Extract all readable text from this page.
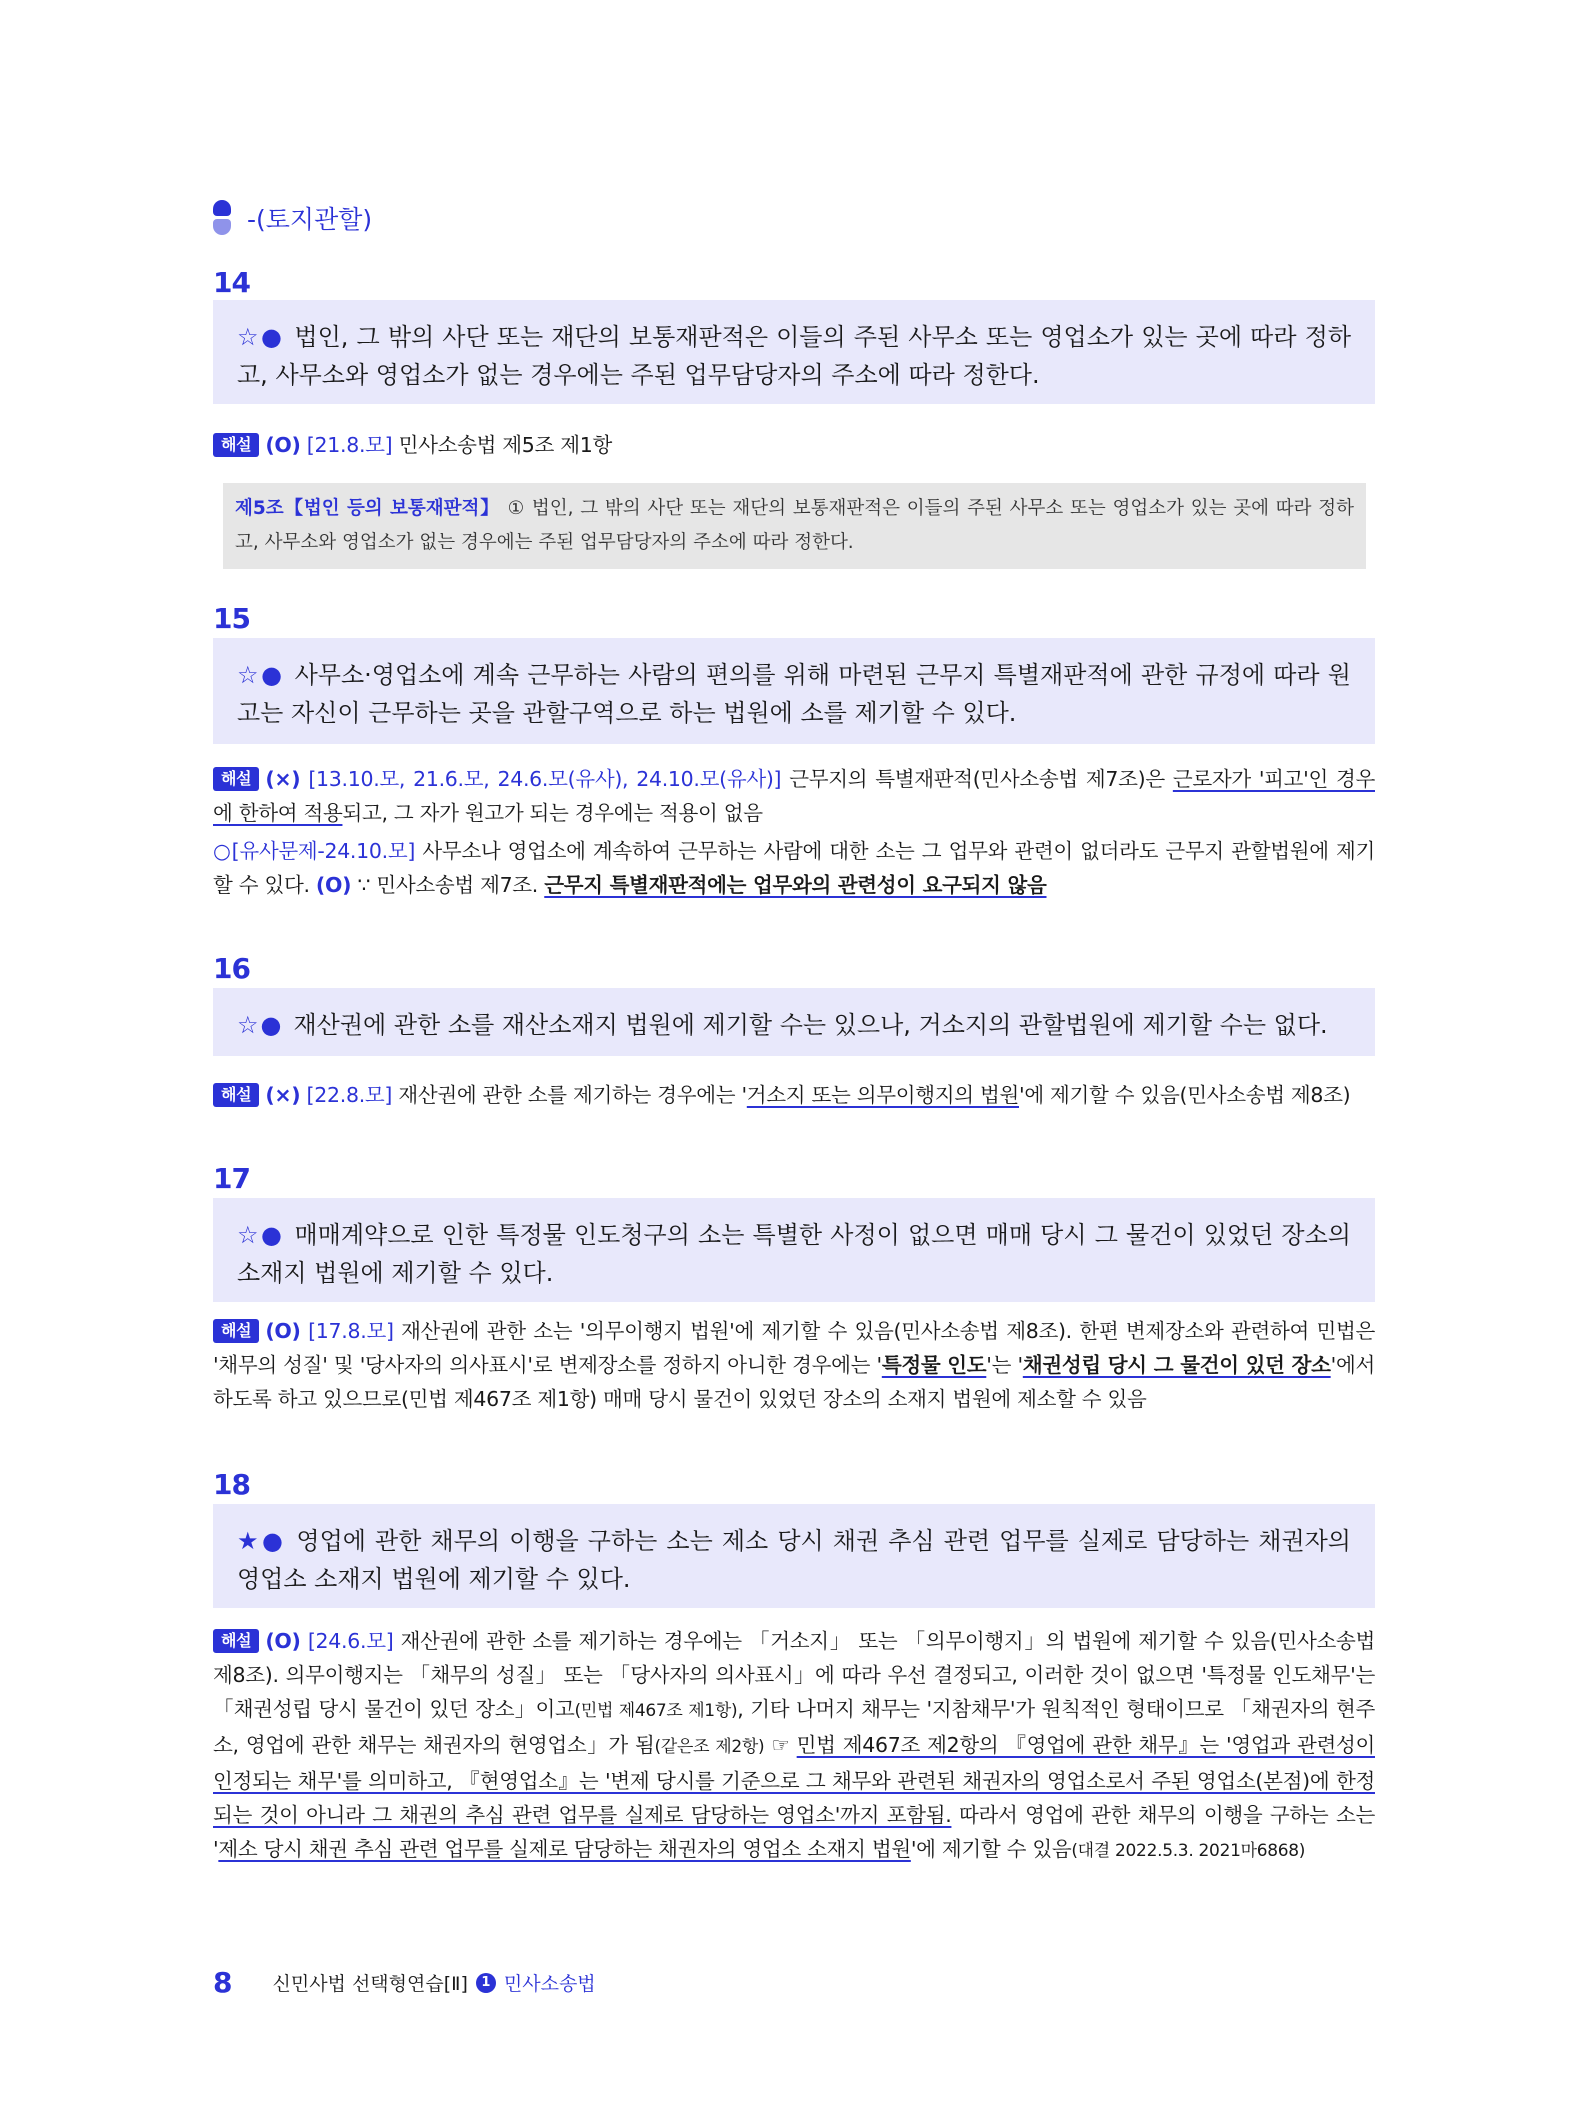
-(토지관할)
14
☆● 법인, 그 밖의 사단 또는 재단의 보통재판적은 이들의 주된 사무소 또는 영업소가 있는 곳에 따라 정하고, 사무소와 영업소가 없는 경우에는 주된 업무담당자의 주소에 따라 정한다.
해설 (O) [21.8.모] 민사소송법 제5조 제1항
제5조【법인 등의 보통재판적】 ① 법인, 그 밖의 사단 또는 재단의 보통재판적은 이들의 주된 사무소 또는 영업소가 있는 곳에 따라 정하고, 사무소와 영업소가 없는 경우에는 주된 업무담당자의 주소에 따라 정한다.
15
☆● 사무소·영업소에 계속 근무하는 사람의 편의를 위해 마련된 근무지 특별재판적에 관한 규정에 따라 원고는 자신이 근무하는 곳을 관할구역으로 하는 법원에 소를 제기할 수 있다.
해설 (×) [13.10.모, 21.6.모, 24.6.모(유사), 24.10.모(유사)] 근무지의 특별재판적(민사소송법 제7조)은 근로자가 '피고'인 경우에 한하여 적용되고, 그 자가 원고가 되는 경우에는 적용이 없음
○[유사문제-24.10.모] 사무소나 영업소에 계속하여 근무하는 사람에 대한 소는 그 업무와 관련이 없더라도 근무지 관할법원에 제기할 수 있다. (O) ∵ 민사소송법 제7조. 근무지 특별재판적에는 업무와의 관련성이 요구되지 않음
16
☆● 재산권에 관한 소를 재산소재지 법원에 제기할 수는 있으나, 거소지의 관할법원에 제기할 수는 없다.
해설 (×) [22.8.모] 재산권에 관한 소를 제기하는 경우에는 '거소지 또는 의무이행지의 법원'에 제기할 수 있음(민사소송법 제8조)
17
☆● 매매계약으로 인한 특정물 인도청구의 소는 특별한 사정이 없으면 매매 당시 그 물건이 있었던 장소의 소재지 법원에 제기할 수 있다.
해설 (O) [17.8.모] 재산권에 관한 소는 '의무이행지 법원'에 제기할 수 있음(민사소송법 제8조). 한편 변제장소와 관련하여 민법은 '채무의 성질' 및 '당사자의 의사표시'로 변제장소를 정하지 아니한 경우에는 '특정물 인도'는 '채권성립 당시 그 물건이 있던 장소'에서 하도록 하고 있으므로(민법 제467조 제1항) 매매 당시 물건이 있었던 장소의 소재지 법원에 제소할 수 있음
18
★● 영업에 관한 채무의 이행을 구하는 소는 제소 당시 채권 추심 관련 업무를 실제로 담당하는 채권자의 영업소 소재지 법원에 제기할 수 있다.
해설 (O) [24.6.모] 재산권에 관한 소를 제기하는 경우에는 「거소지」 또는 「의무이행지」의 법원에 제기할 수 있음(민사소송법 제8조). 의무이행지는 「채무의 성질」 또는 「당사자의 의사표시」에 따라 우선 결정되고, 이러한 것이 없으면 '특정물 인도채무'는 「채권성립 당시 물건이 있던 장소」이고(민법 제467조 제1항), 기타 나머지 채무는 '지참채무'가 원칙적인 형태이므로 「채권자의 현주소, 영업에 관한 채무는 채권자의 현영업소」가 됨(같은조 제2항) ☞ 민법 제467조 제2항의 『영업에 관한 채무』는 '영업과 관련성이 인정되는 채무'를 의미하고, 『현영업소』는 '변제 당시를 기준으로 그 채무와 관련된 채권자의 영업소로서 주된 영업소(본점)에 한정되는 것이 아니라 그 채권의 추심 관련 업무를 실제로 담당하는 영업소'까지 포함됨. 따라서 영업에 관한 채무의 이행을 구하는 소는 '제소 당시 채권 추심 관련 업무를 실제로 담당하는 채권자의 영업소 소재지 법원'에 제기할 수 있음(대결 2022.5.3. 2021마6868)
8 신민사법 선택형연습[Ⅱ]	1 민사소송법
